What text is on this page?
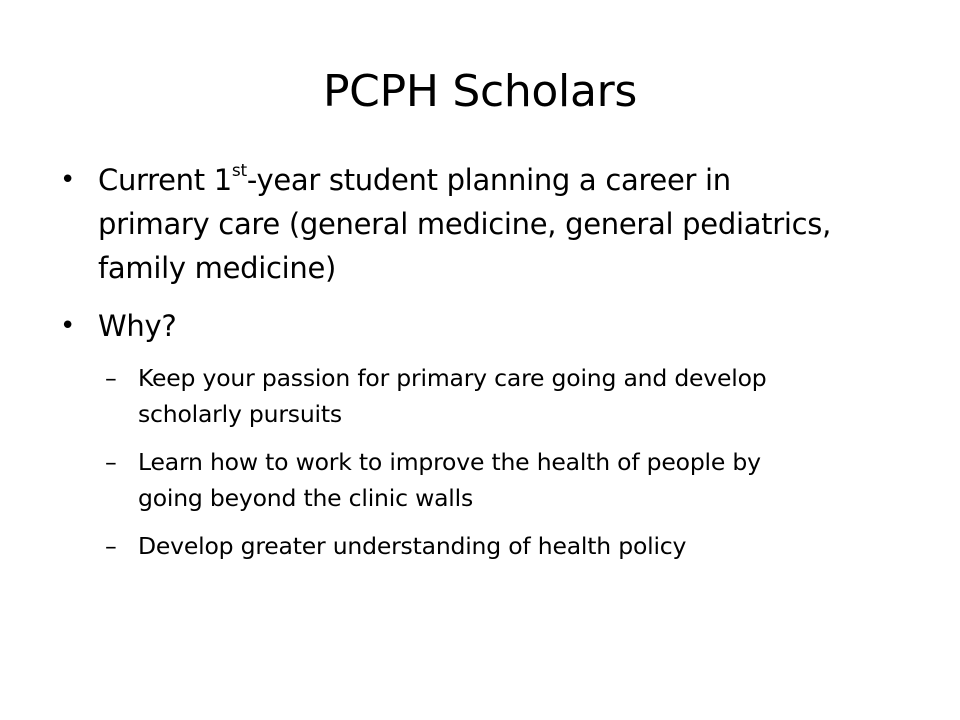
PCPH Scholars
• Current 1st-year student planning a career in primary care (general medicine, general pediatrics, family medicine)
• Why?
– Keep your passion for primary care going and develop scholarly pursuits
– Learn how to work to improve the health of people by going beyond the clinic walls
– Develop greater understanding of health policy
